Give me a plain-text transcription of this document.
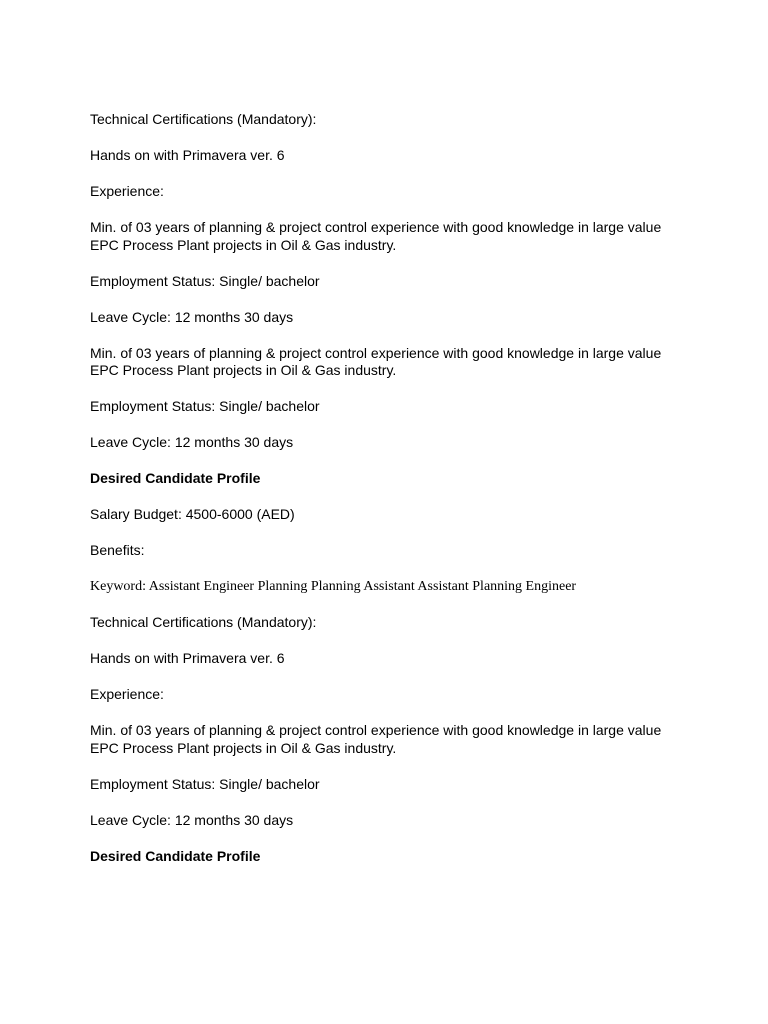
Technical Certifications (Mandatory):

Hands on with Primavera ver. 6

Experience:

Min. of 03 years of planning & project control experience with good knowledge in large value EPC Process Plant projects in Oil & Gas industry.

Employment Status: Single/ bachelor

Leave Cycle: 12 months 30 days

Min. of 03 years of planning & project control experience with good knowledge in large value EPC Process Plant projects in Oil & Gas industry.

Employment Status: Single/ bachelor

Leave Cycle: 12 months 30 days

Desired Candidate Profile

Salary Budget: 4500-6000 (AED)

Benefits:

Keyword: Assistant Engineer Planning Planning Assistant Assistant Planning Engineer

Technical Certifications (Mandatory):

Hands on with Primavera ver. 6

Experience:

Min. of 03 years of planning & project control experience with good knowledge in large value EPC Process Plant projects in Oil & Gas industry.

Employment Status: Single/ bachelor

Leave Cycle: 12 months 30 days

Desired Candidate Profile
